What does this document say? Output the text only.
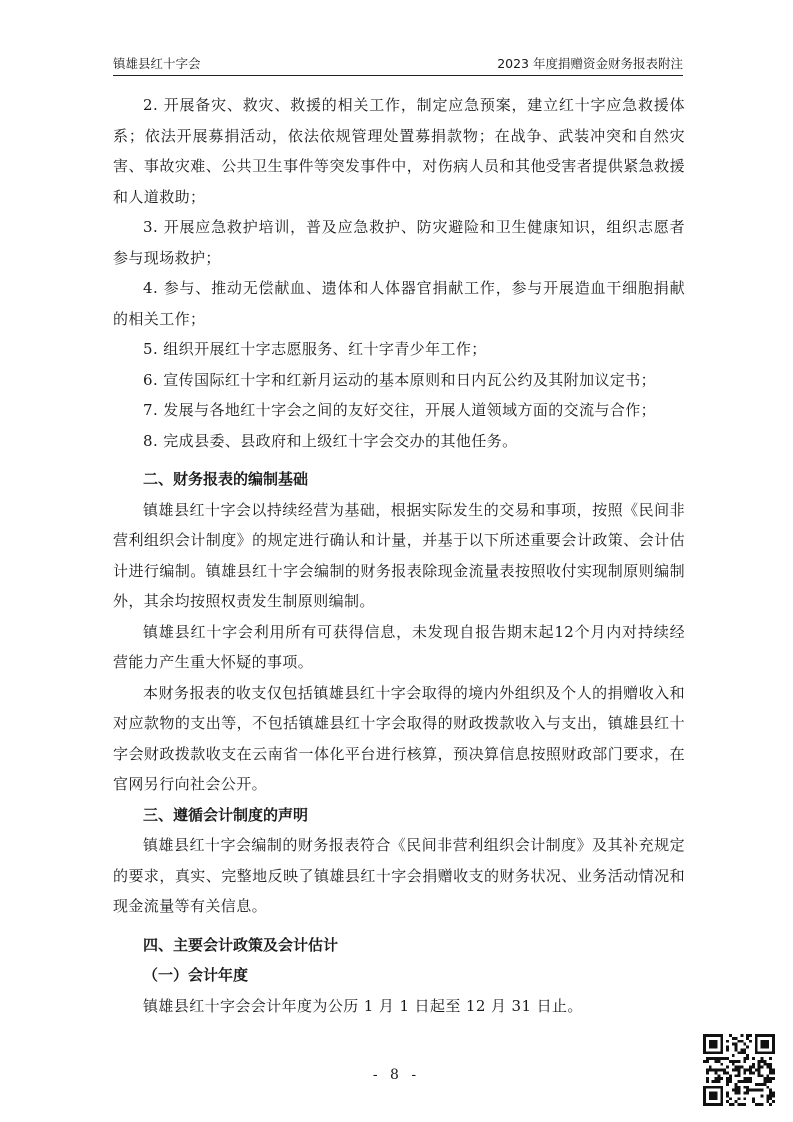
镇雄县红十字会	2023 年度捐赠资金财务报表附注

2. 开展备灾、救灾、救援的相关工作，制定应急预案，建立红十字应急救援体系；依法开展募捐活动，依法依规管理处置募捐款物；在战争、武装冲突和自然灾害、事故灾难、公共卫生事件等突发事件中，对伤病人员和其他受害者提供紧急救援和人道救助；

3. 开展应急救护培训，普及应急救护、防灾避险和卫生健康知识，组织志愿者参与现场救护；

4. 参与、推动无偿献血、遗体和人体器官捐献工作，参与开展造血干细胞捐献的相关工作；

5. 组织开展红十字志愿服务、红十字青少年工作；

6. 宣传国际红十字和红新月运动的基本原则和日内瓦公约及其附加议定书；

7. 发展与各地红十字会之间的友好交往，开展人道领域方面的交流与合作；

8. 完成县委、县政府和上级红十字会交办的其他任务。

二、财务报表的编制基础

镇雄县红十字会以持续经营为基础，根据实际发生的交易和事项，按照《民间非营利组织会计制度》的规定进行确认和计量，并基于以下所述重要会计政策、会计估计进行编制。镇雄县红十字会编制的财务报表除现金流量表按照收付实现制原则编制外，其余均按照权责发生制原则编制。

镇雄县红十字会利用所有可获得信息，未发现自报告期末起12个月内对持续经营能力产生重大怀疑的事项。

本财务报表的收支仅包括镇雄县红十字会取得的境内外组织及个人的捐赠收入和对应款物的支出等，不包括镇雄县红十字会取得的财政拨款收入与支出，镇雄县红十字会财政拨款收支在云南省一体化平台进行核算，预决算信息按照财政部门要求，在官网另行向社会公开。

三、遵循会计制度的声明

镇雄县红十字会编制的财务报表符合《民间非营利组织会计制度》及其补充规定的要求，真实、完整地反映了镇雄县红十字会捐赠收支的财务状况、业务活动情况和现金流量等有关信息。

四、主要会计政策及会计估计

（一）会计年度

镇雄县红十字会会计年度为公历 1 月 1 日起至 12 月 31 日止。

- 8 -
